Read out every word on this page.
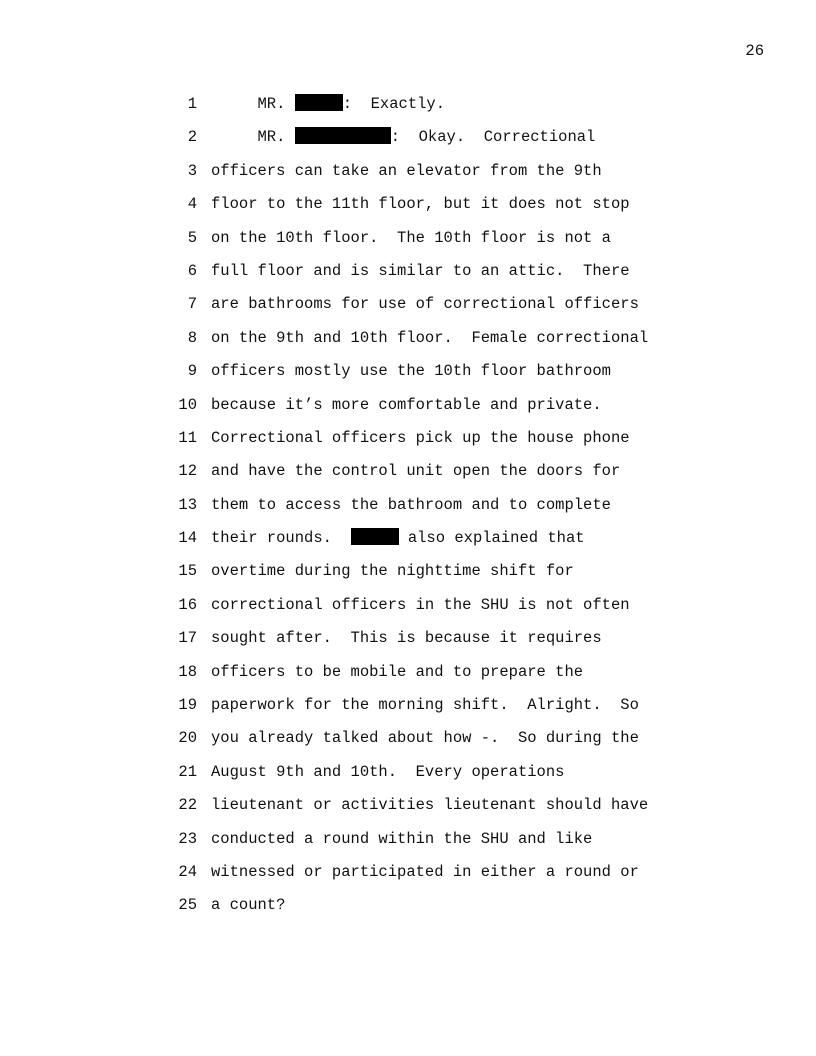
26
1 MR.	:  Exactly.
2 MR.	:  Okay.  Correctional
3 officers can take an elevator from the 9th
4 floor to the 11th floor, but it does not stop
5 on the 10th floor.  The 10th floor is not a
6 full floor and is similar to an attic.  There
7 are bathrooms for use of correctional officers
8 on the 9th and 10th floor.  Female correctional
9 officers mostly use the 10th floor bathroom
10 because it’s more comfortable and private.
11 Correctional officers pick up the house phone
12 and have the control unit open the doors for
13 them to access the bathroom and to complete
14 their rounds.	also explained that
15 overtime during the nighttime shift for
16 correctional officers in the SHU is not often
17 sought after.  This is because it requires
18 officers to be mobile and to prepare the
19 paperwork for the morning shift.  Alright.  So
20 you already talked about how -.  So during the
21 August 9th and 10th.  Every operations
22 lieutenant or activities lieutenant should have
23 conducted a round within the SHU and like
24 witnessed or participated in either a round or
25 a count?
